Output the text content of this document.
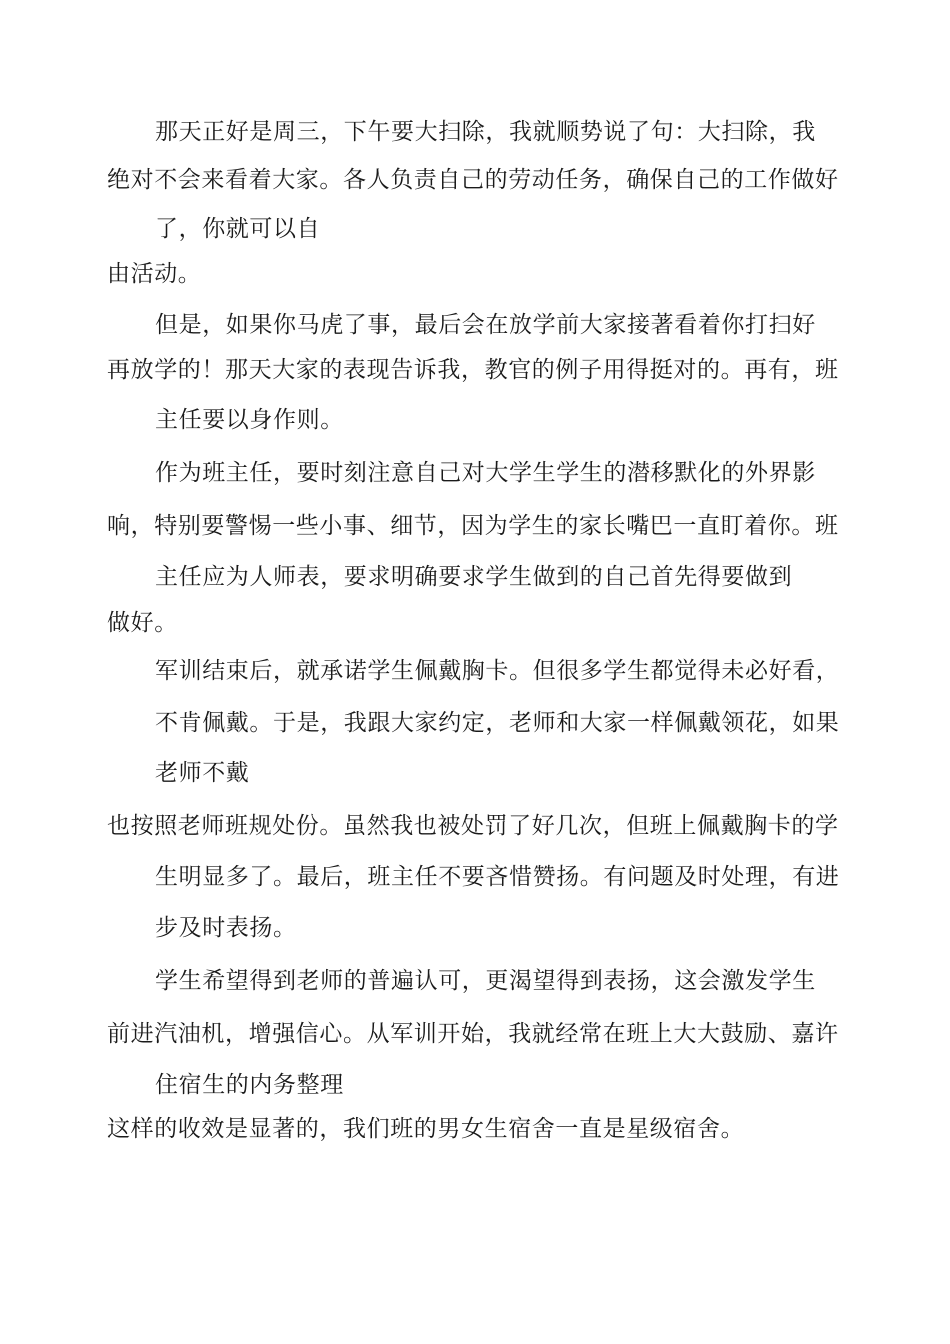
那天正好是周三，下午要大扫除，我就顺势说了句：大扫除，我
绝对不会来看着大家。各人负责自己的劳动任务，确保自己的工作做好
了，你就可以自
由活动。
但是，如果你马虎了事，最后会在放学前大家接著看着你打扫好
再放学的！那天大家的表现告诉我，教官的例子用得挺对的。再有，班
主任要以身作则。
作为班主任，要时刻注意自己对大学生学生的潜移默化的外界影
响，特别要警惕一些小事、细节，因为学生的家长嘴巴一直盯着你。班
主任应为人师表，要求明确要求学生做到的自己首先得要做到
做好。
军训结束后，就承诺学生佩戴胸卡。但很多学生都觉得未必好看，
不肯佩戴。于是，我跟大家约定，老师和大家一样佩戴领花，如果
老师不戴
也按照老师班规处份。虽然我也被处罚了好几次，但班上佩戴胸卡的学
生明显多了。最后，班主任不要吝惜赞扬。有问题及时处理，有进
步及时表扬。
学生希望得到老师的普遍认可，更渴望得到表扬，这会激发学生
前进汽油机，增强信心。从军训开始，我就经常在班上大大鼓励、嘉许
住宿生的内务整理
这样的收效是显著的，我们班的男女生宿舍一直是星级宿舍。
